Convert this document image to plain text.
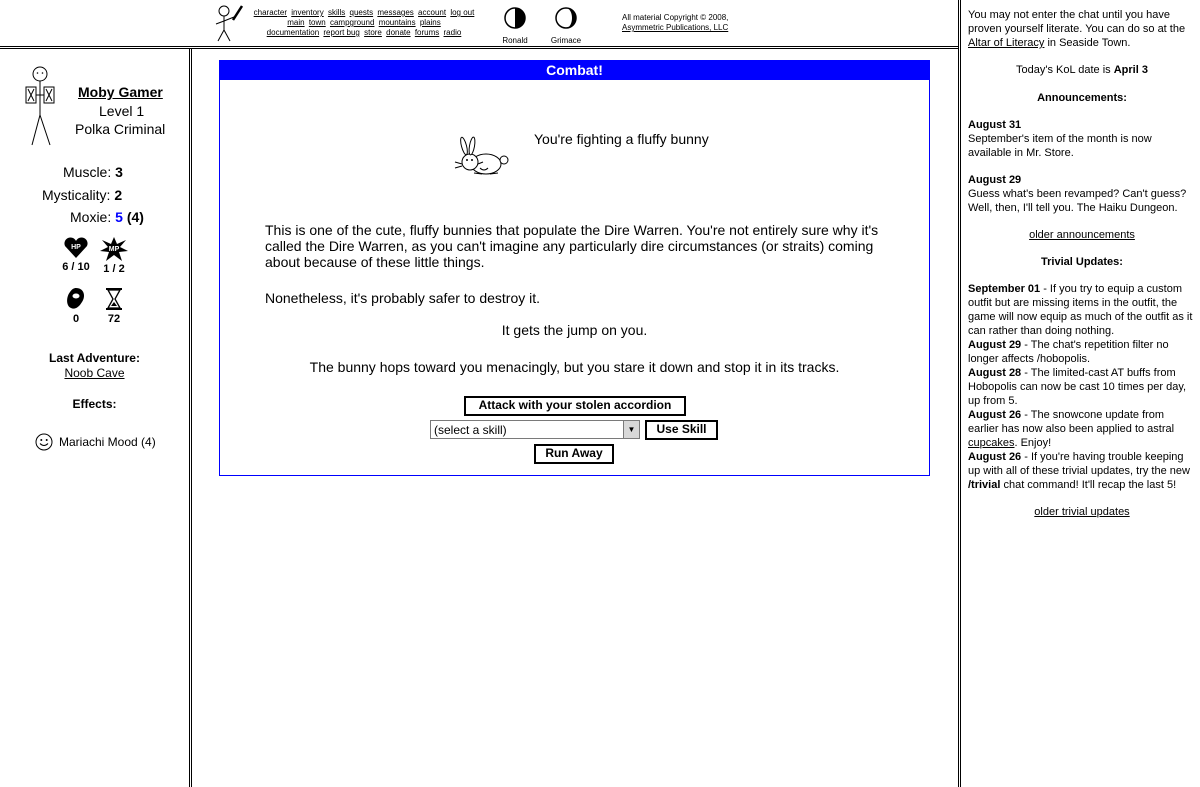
character inventory skills quests messages account log out
main town campground mountains plains
documentation report bug store donate forums radio
Ronald	Grimace
All material Copyright © 2008,
Asymmetric Publications, LLC
Moby Gamer
Level 1
Polka Criminal
Muscle: 3
Mysticality: 2
Moxie: 5 (4)
HP
6 / 10
MP
1 / 2
0	72
Last Adventure:
Noob Cave
Effects:
Mariachi Mood (4)
Combat!
You're fighting a fluffy bunny
This is one of the cute, fluffy bunnies that populate the Dire Warren. You're not entirely sure why it's called the Dire Warren, as you can't imagine any particularly dire circumstances (or straits) coming about because of these little things.
Nonetheless, it's probably safer to destroy it.
It gets the jump on you.
The bunny hops toward you menacingly, but you stare it down and stop it in its tracks.
Attack with your stolen accordion
(select a skill)	▼	Use Skill
Run Away
You may not enter the chat until you have proven yourself literate. You can do so at the Altar of Literacy in Seaside Town.
Today's KoL date is April 3
Announcements:
August 31
September's item of the month is now available in Mr. Store.
August 29
Guess what's been revamped? Can't guess? Well, then, I'll tell you. The Haiku Dungeon.
older announcements
Trivial Updates:
September 01 - If you try to equip a custom outfit but are missing items in the outfit, the game will now equip as much of the outfit as it can rather than doing nothing.
August 29 - The chat's repetition filter no longer affects /hobopolis.
August 28 - The limited-cast AT buffs from Hobopolis can now be cast 10 times per day, up from 5.
August 26 - The snowcone update from earlier has now also been applied to astral cupcakes. Enjoy!
August 26 - If you're having trouble keeping up with all of these trivial updates, try the new /trivial chat command! It'll recap the last 5!
older trivial updates
